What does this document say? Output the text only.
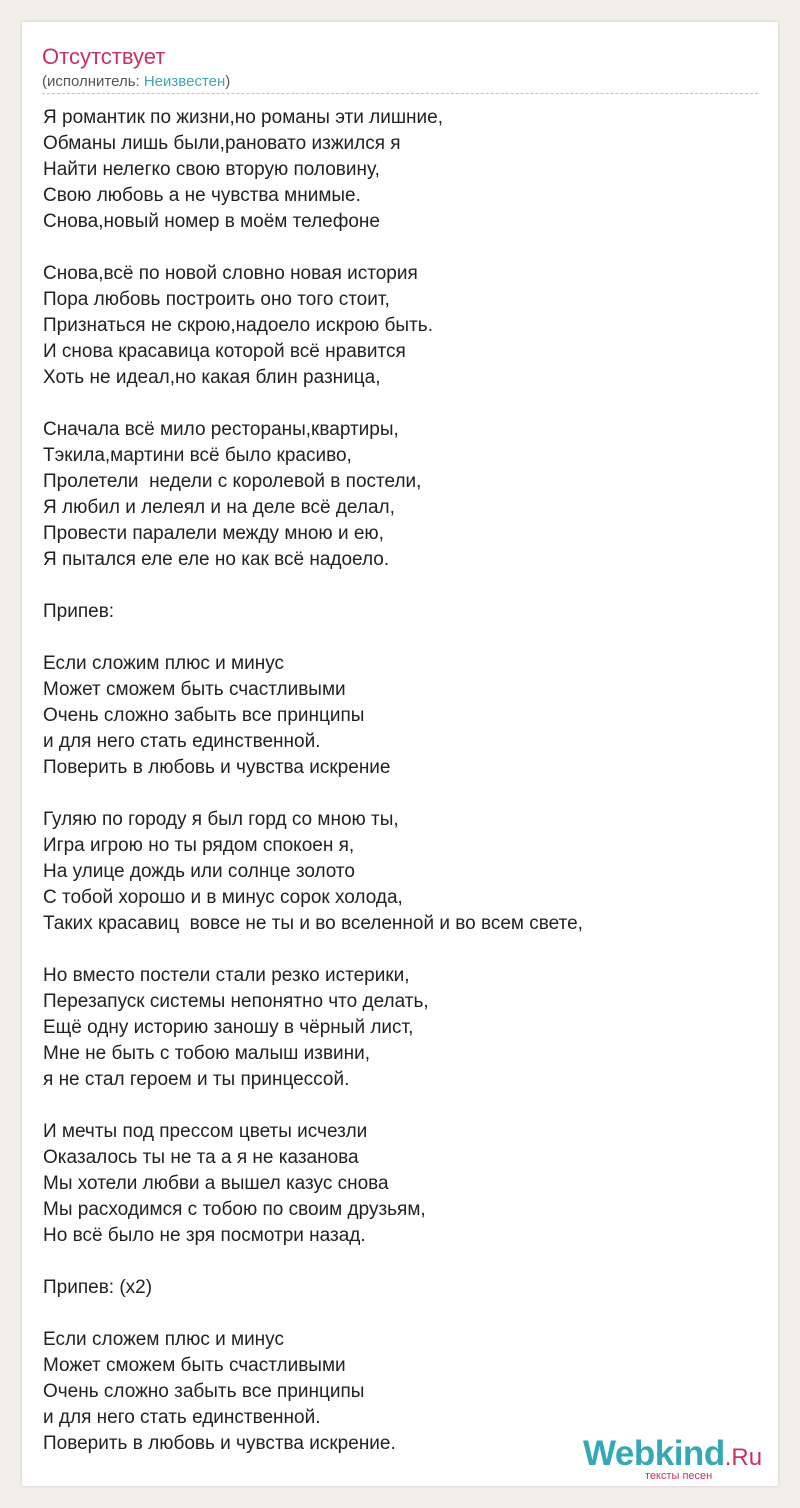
Отсутствует
(исполнитель: Неизвестен)
Я романтик по жизни,но романы эти лишние,
Обманы лишь были,рановато изжился я
Найти нелегко свою вторую половину,
Свою любовь а не чувства мнимые.
Снова,новый номер в моём телефоне

Снова,всё по новой словно новая история
Пора любовь построить оно того стоит,
Признаться не скрою,надоело искрою быть.
И снова красавица которой всё нравится
Хоть не идеал,но какая блин разница,

Сначала всё мило рестораны,квартиры,
Тэкила,мартини всё было красиво,
Пролетели  недели с королевой в постели,
Я любил и лелеял и на деле всё делал,
Провести паралели между мною и ею,
Я пытался еле еле но как всё надоело.

Припев:

Если сложим плюс и минус
Может сможем быть счастливыми
Очень сложно забыть все принципы
и для него стать единственной.
Поверить в любовь и чувства искрение

Гуляю по городу я был горд со мною ты,
Игра игрою но ты рядом спокоен я,
На улице дождь или солнце золото
С тобой хорошо и в минус сорок холода,
Таких красавиц  вовсе не ты и во вселенной и во всем свете,

Но вместо постели стали резко истерики,
Перезапуск системы непонятно что делать,
Ещё одну историю заношу в чёрный лист,
Мне не быть с тобою малыш извини,
я не стал героем и ты принцессой.

И мечты под прессом цветы исчезли
Оказалось ты не та а я не казанова
Мы хотели любви а вышел казус снова
Мы расходимся с тобою по своим друзьям,
Но всё было не зря посмотри назад.

Припев: (x2)

Если сложем плюс и минус
Может сможем быть счастливыми
Очень сложно забыть все принципы
и для него стать единственной.
Поверить в любовь и чувства искрение.	Webkind.Ru
тексты песен
